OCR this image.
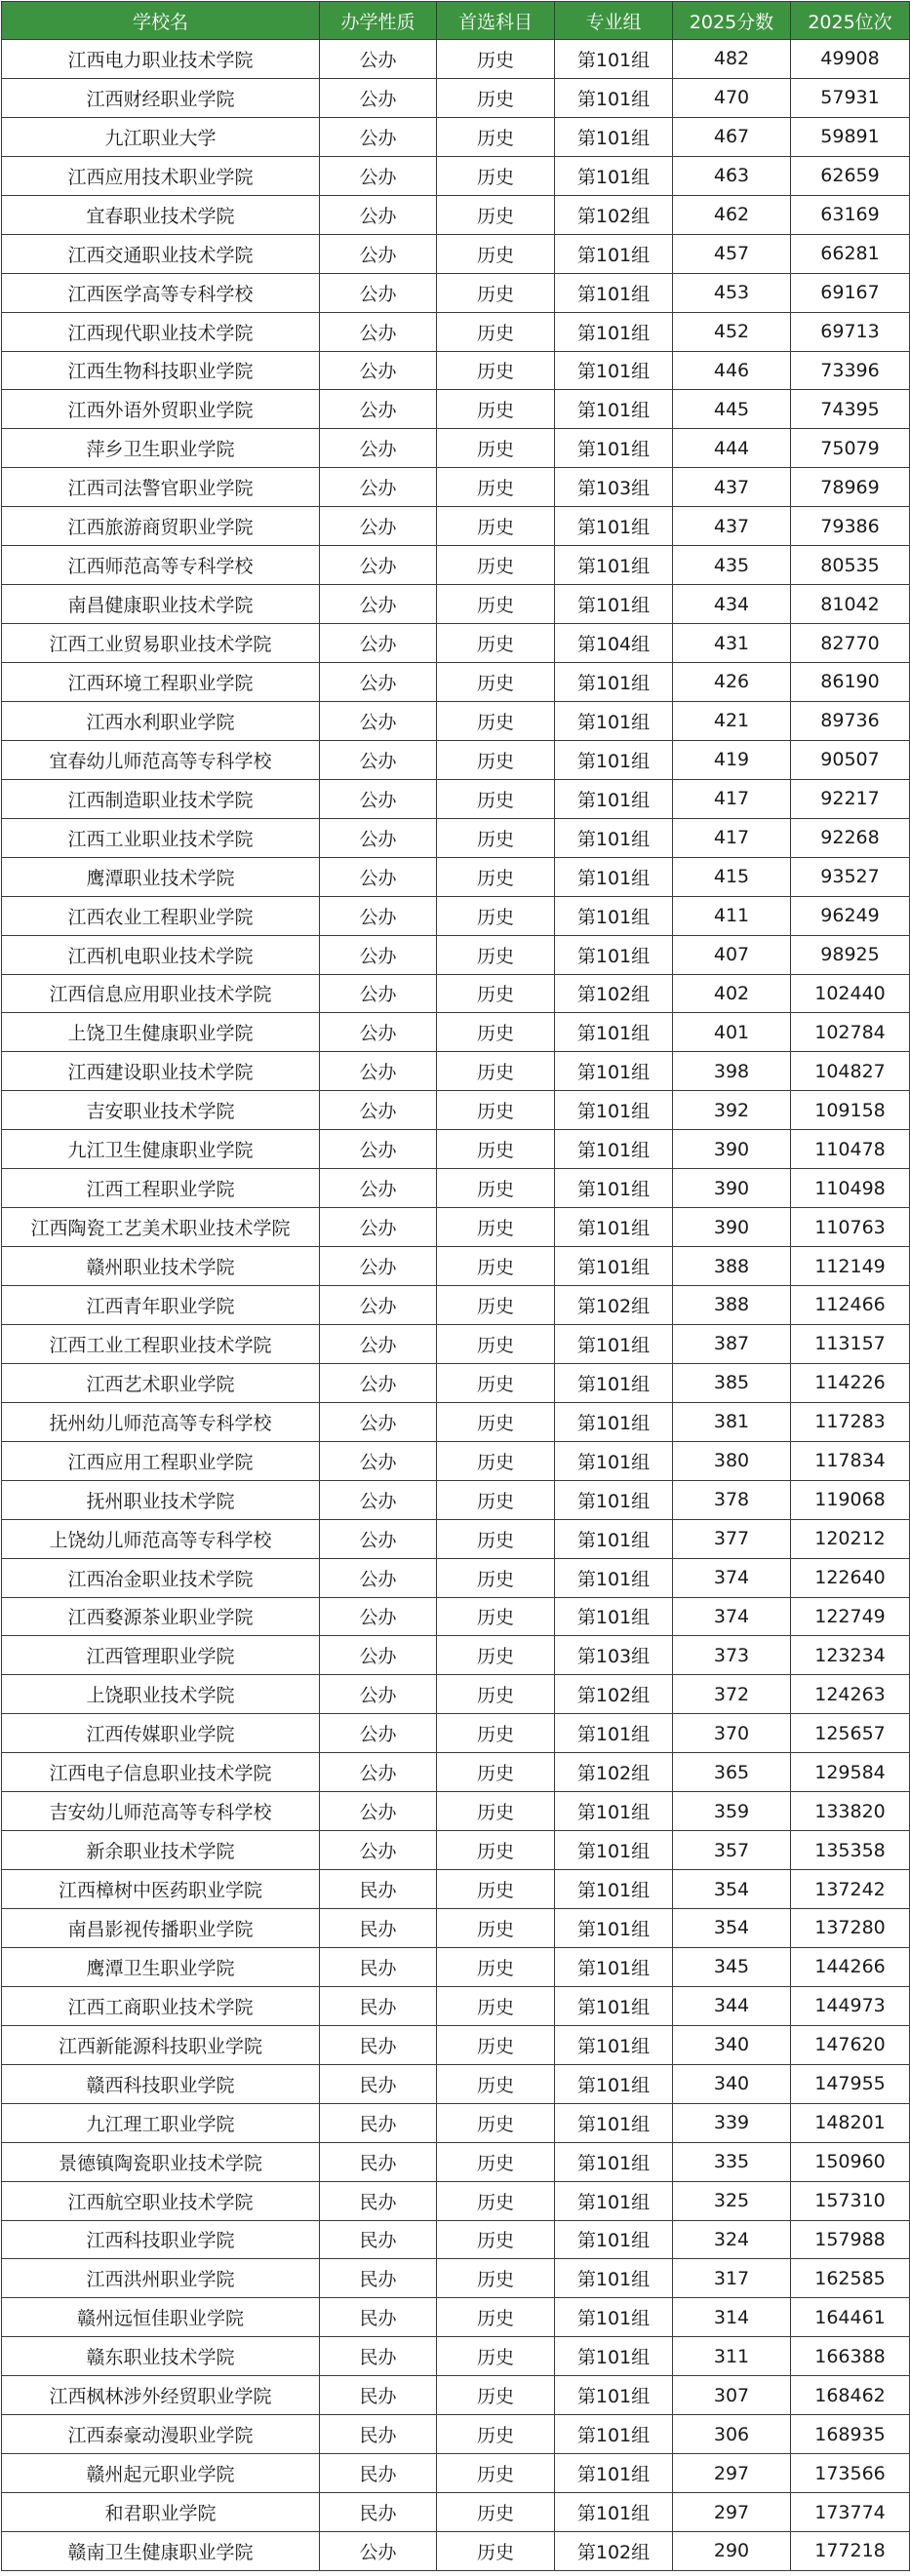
学校名	办学性质	首选科目	专业组	2025分数	2025位次
江西电力职业技术学院	公办	历史	第101组	482	49908
江西财经职业学院	公办	历史	第101组	470	57931
九江职业大学	公办	历史	第101组	467	59891
江西应用技术职业学院	公办	历史	第101组	463	62659
宜春职业技术学院	公办	历史	第102组	462	63169
江西交通职业技术学院	公办	历史	第101组	457	66281
江西医学高等专科学校	公办	历史	第101组	453	69167
江西现代职业技术学院	公办	历史	第101组	452	69713
江西生物科技职业学院	公办	历史	第101组	446	73396
江西外语外贸职业学院	公办	历史	第101组	445	74395
萍乡卫生职业学院	公办	历史	第101组	444	75079
江西司法警官职业学院	公办	历史	第103组	437	78969
江西旅游商贸职业学院	公办	历史	第101组	437	79386
江西师范高等专科学校	公办	历史	第101组	435	80535
南昌健康职业技术学院	公办	历史	第101组	434	81042
江西工业贸易职业技术学院	公办	历史	第104组	431	82770
江西环境工程职业学院	公办	历史	第101组	426	86190
江西水利职业学院	公办	历史	第101组	421	89736
宜春幼儿师范高等专科学校	公办	历史	第101组	419	90507
江西制造职业技术学院	公办	历史	第101组	417	92217
江西工业职业技术学院	公办	历史	第101组	417	92268
鹰潭职业技术学院	公办	历史	第101组	415	93527
江西农业工程职业学院	公办	历史	第101组	411	96249
江西机电职业技术学院	公办	历史	第101组	407	98925
江西信息应用职业技术学院	公办	历史	第102组	402	102440
上饶卫生健康职业学院	公办	历史	第101组	401	102784
江西建设职业技术学院	公办	历史	第101组	398	104827
吉安职业技术学院	公办	历史	第101组	392	109158
九江卫生健康职业学院	公办	历史	第101组	390	110478
江西工程职业学院	公办	历史	第101组	390	110498
江西陶瓷工艺美术职业技术学院	公办	历史	第101组	390	110763
赣州职业技术学院	公办	历史	第101组	388	112149
江西青年职业学院	公办	历史	第102组	388	112466
江西工业工程职业技术学院	公办	历史	第101组	387	113157
江西艺术职业学院	公办	历史	第101组	385	114226
抚州幼儿师范高等专科学校	公办	历史	第101组	381	117283
江西应用工程职业学院	公办	历史	第101组	380	117834
抚州职业技术学院	公办	历史	第101组	378	119068
上饶幼儿师范高等专科学校	公办	历史	第101组	377	120212
江西冶金职业技术学院	公办	历史	第101组	374	122640
江西婺源茶业职业学院	公办	历史	第101组	374	122749
江西管理职业学院	公办	历史	第103组	373	123234
上饶职业技术学院	公办	历史	第102组	372	124263
江西传媒职业学院	公办	历史	第101组	370	125657
江西电子信息职业技术学院	公办	历史	第102组	365	129584
吉安幼儿师范高等专科学校	公办	历史	第101组	359	133820
新余职业技术学院	公办	历史	第101组	357	135358
江西樟树中医药职业学院	民办	历史	第101组	354	137242
南昌影视传播职业学院	民办	历史	第101组	354	137280
鹰潭卫生职业学院	民办	历史	第101组	345	144266
江西工商职业技术学院	民办	历史	第101组	344	144973
江西新能源科技职业学院	民办	历史	第101组	340	147620
赣西科技职业学院	民办	历史	第101组	340	147955
九江理工职业学院	民办	历史	第101组	339	148201
景德镇陶瓷职业技术学院	民办	历史	第101组	335	150960
江西航空职业技术学院	民办	历史	第101组	325	157310
江西科技职业学院	民办	历史	第101组	324	157988
江西洪州职业学院	民办	历史	第101组	317	162585
赣州远恒佳职业学院	民办	历史	第101组	314	164461
赣东职业技术学院	民办	历史	第101组	311	166388
江西枫林涉外经贸职业学院	民办	历史	第101组	307	168462
江西泰豪动漫职业学院	民办	历史	第101组	306	168935
赣州起元职业学院	民办	历史	第101组	297	173566
和君职业学院	民办	历史	第101组	297	173774
赣南卫生健康职业学院	公办	历史	第102组	290	177218
